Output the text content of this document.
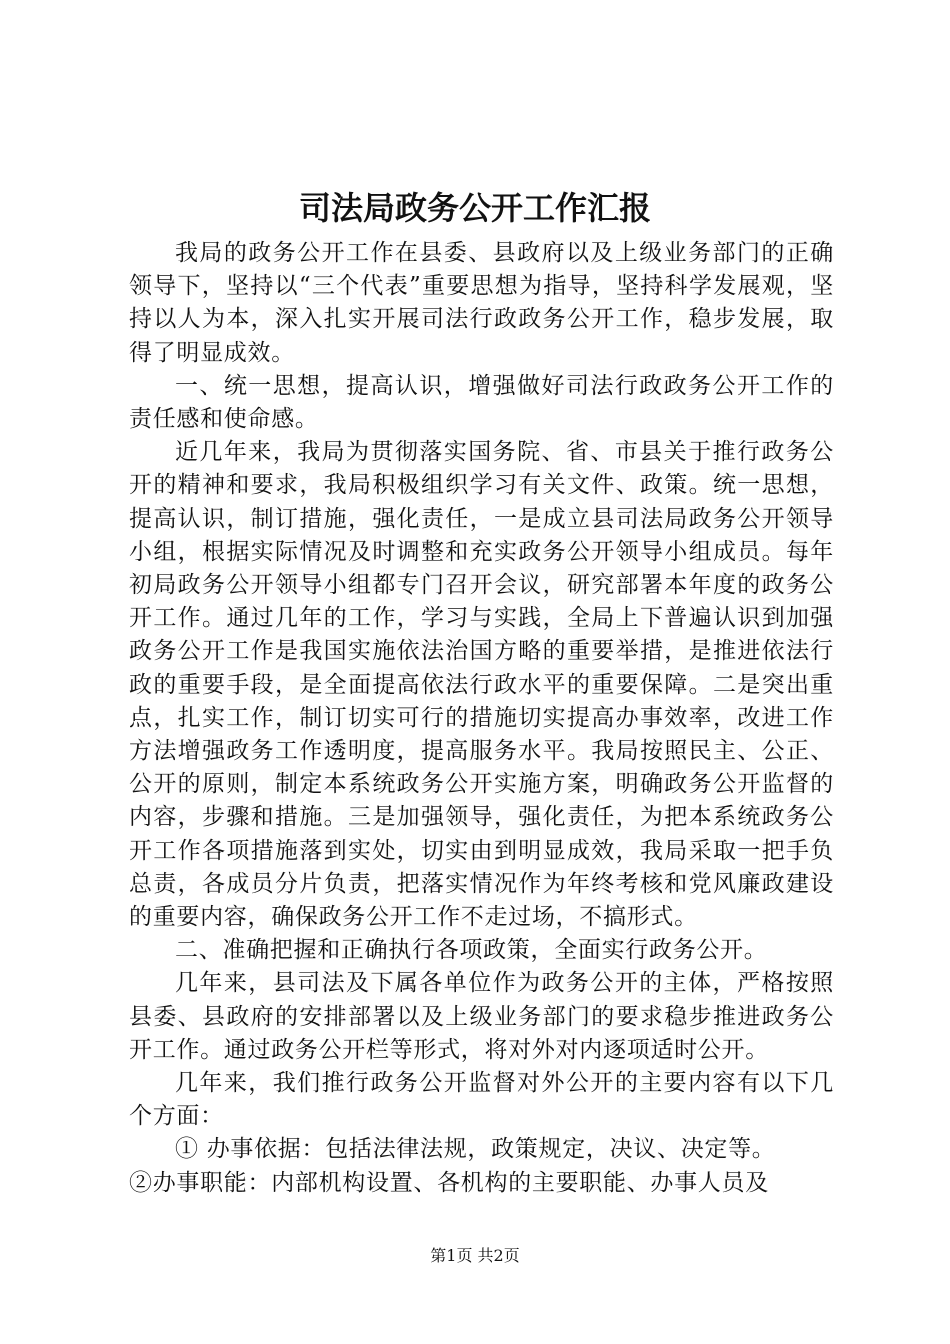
司法局政务公开工作汇报

我局的政务公开工作在县委、县政府以及上级业务部门的正确领导下，坚持以“三个代表”重要思想为指导，坚持科学发展观，坚持以人为本，深入扎实开展司法行政政务公开工作，稳步发展，取得了明显成效。

一、统一思想，提高认识，增强做好司法行政政务公开工作的责任感和使命感。

近几年来，我局为贯彻落实国务院、省、市县关于推行政务公开的精神和要求，我局积极组织学习有关文件、政策。统一思想，提高认识，制订措施，强化责任，一是成立县司法局政务公开领导小组，根据实际情况及时调整和充实政务公开领导小组成员。每年初局政务公开领导小组都专门召开会议，研究部署本年度的政务公开工作。通过几年的工作，学习与实践，全局上下普遍认识到加强政务公开工作是我国实施依法治国方略的重要举措，是推进依法行政的重要手段，是全面提高依法行政水平的重要保障。二是突出重点，扎实工作，制订切实可行的措施切实提高办事效率，改进工作方法增强政务工作透明度，提高服务水平。我局按照民主、公正、公开的原则，制定本系统政务公开实施方案，明确政务公开监督的内容，步骤和措施。三是加强领导，强化责任，为把本系统政务公开工作各项措施落到实处，切实由到明显成效，我局采取一把手负总责，各成员分片负责，把落实情况作为年终考核和党风廉政建设的重要内容，确保政务公开工作不走过场，不搞形式。

二、准确把握和正确执行各项政策，全面实行政务公开。

几年来，县司法及下属各单位作为政务公开的主体，严格按照县委、县政府的安排部署以及上级业务部门的要求稳步推进政务公开工作。通过政务公开栏等形式，将对外对内逐项适时公开。

几年来，我们推行政务公开监督对外公开的主要内容有以下几个方面：

① 办事依据：包括法律法规，政策规定，决议、决定等。

②办事职能：内部机构设置、各机构的主要职能、办事人员及

第1页 共2页
